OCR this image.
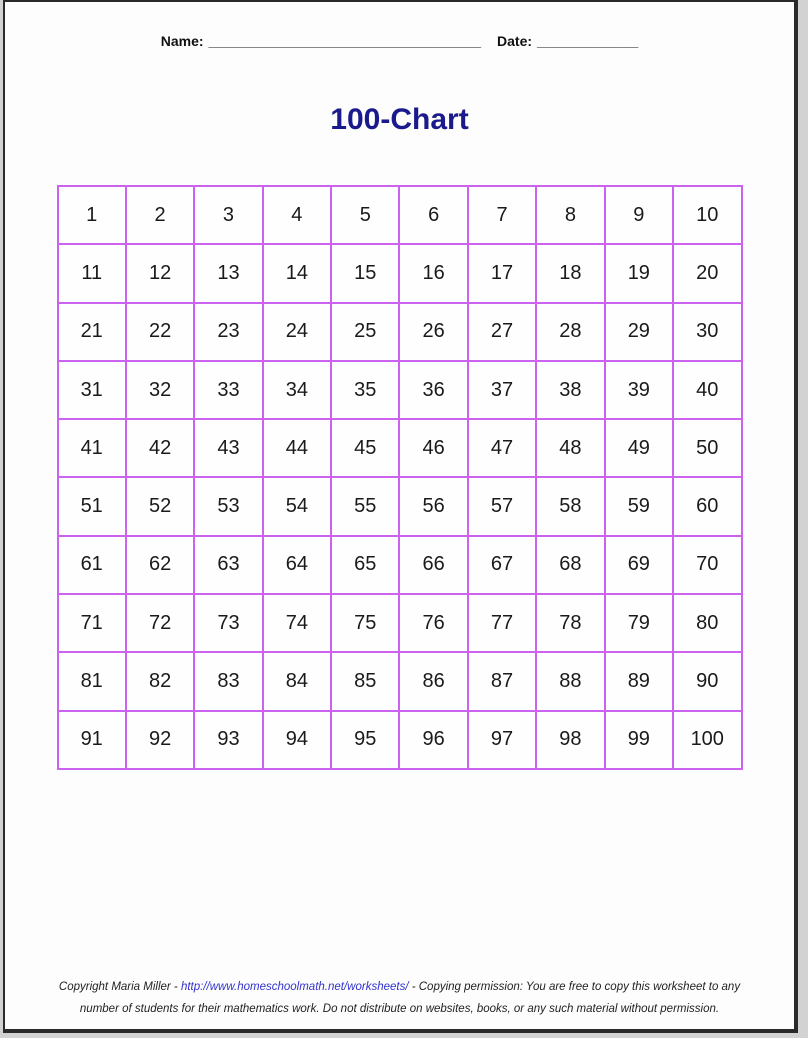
Name: ___________________________________ Date: _____________
100-Chart
1	2	3	4	5	6	7	8	9	10
11	12	13	14	15	16	17	18	19	20
21	22	23	24	25	26	27	28	29	30
31	32	33	34	35	36	37	38	39	40
41	42	43	44	45	46	47	48	49	50
51	52	53	54	55	56	57	58	59	60
61	62	63	64	65	66	67	68	69	70
71	72	73	74	75	76	77	78	79	80
81	82	83	84	85	86	87	88	89	90
91	92	93	94	95	96	97	98	99	100
Copyright Maria Miller - http://www.homeschoolmath.net/worksheets/ - Copying permission: You are free to copy this worksheet to any
number of students for their mathematics work. Do not distribute on websites, books, or any such material without permission.
